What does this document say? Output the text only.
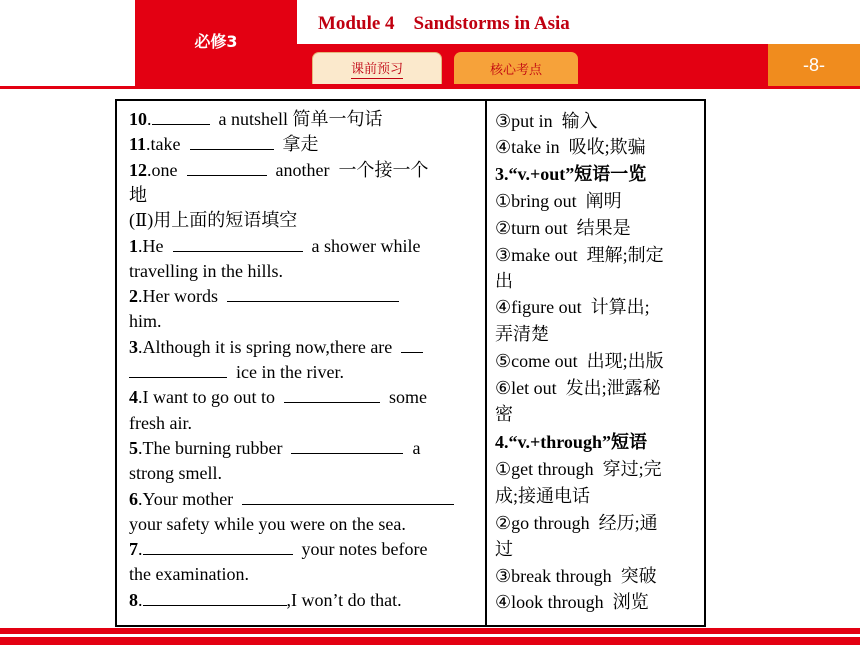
必修3
Module 4    Sandstorms in Asia
课前预习	核心考点	-8-
10.	a nutshell 简单一句话
11.take	拿走
12.one	another  一个接一个
地
(Ⅱ)用上面的短语填空
1.He	a shower while
travelling in the hills.
2.Her words
him.
3.Although it is spring now,there are
ice in the river.
4.I want to go out to	some
fresh air.
5.The burning rubber	a
strong smell.
6.Your mother
your safety while you were on the sea.
7.	your notes before
the examination.
8.	,I won’t do that.
③put in  输入
④take in  吸收;欺骗
3.“v.+out”短语一览
①bring out  阐明
②turn out  结果是
③make out  理解;制定
出
④figure out  计算出;
弄清楚
⑤come out  出现;出版
⑥let out  发出;泄露秘
密
4.“v.+through”短语
①get through  穿过;完
成;接通电话
②go through  经历;通
过
③break through  突破
④look through  浏览
